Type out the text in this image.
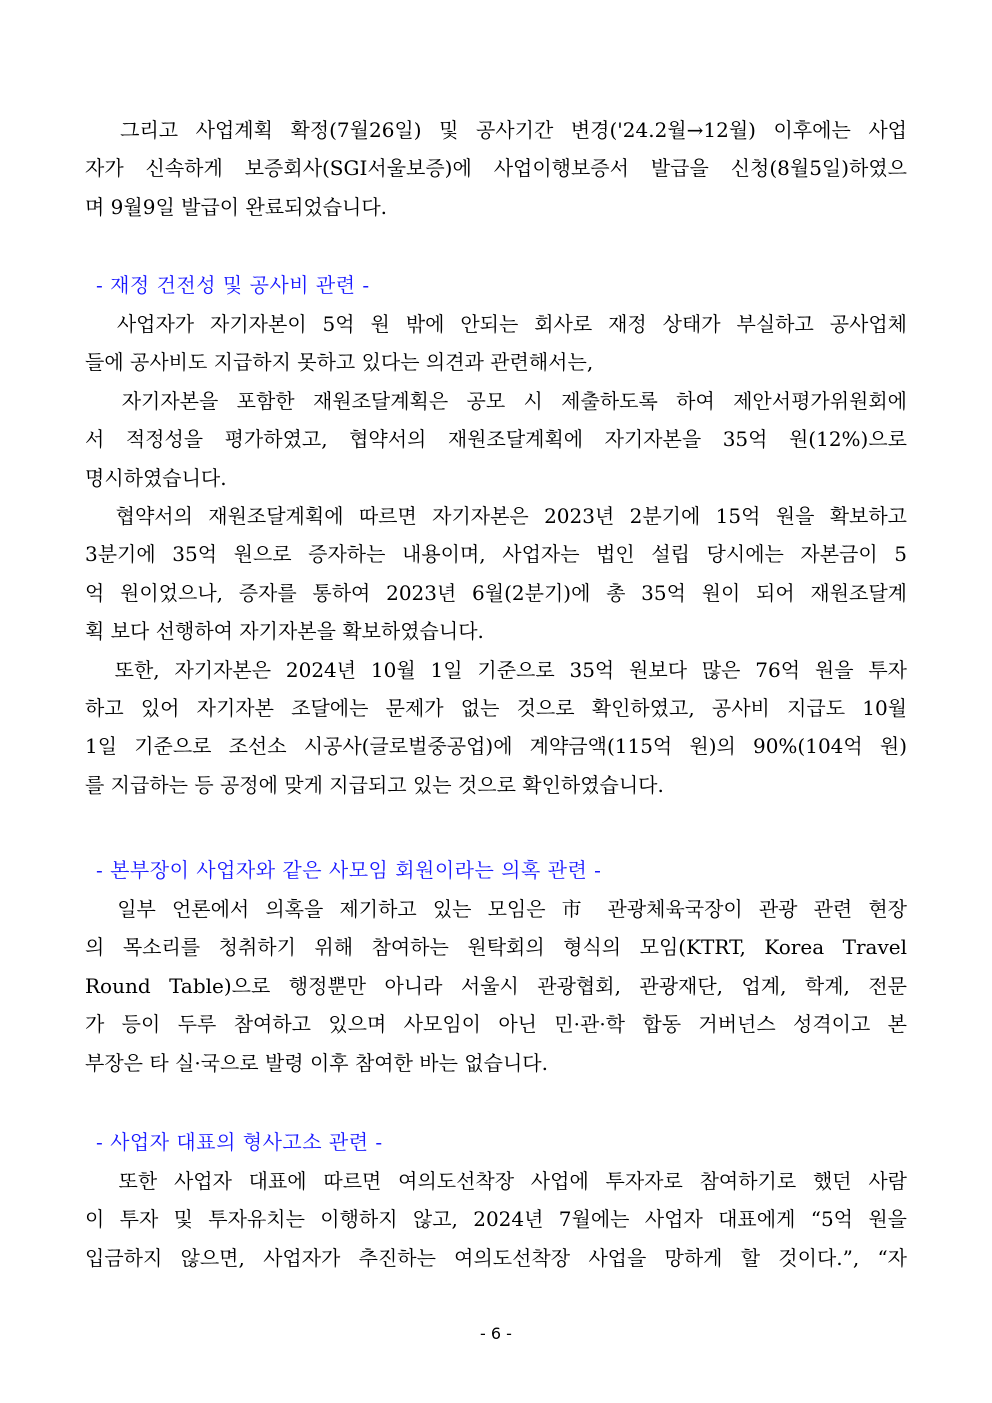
그리고 사업계획 확정(7월26일) 및 공사기간 변경('24.2월→12월) 이후에는 사업
자가 신속하게 보증회사(SGI서울보증)에 사업이행보증서 발급을 신청(8월5일)하였으
며 9월9일 발급이 완료되었습니다.
- 재정 건전성 및 공사비 관련 -
사업자가 자기자본이 5억 원 밖에 안되는 회사로 재정 상태가 부실하고 공사업체
들에 공사비도 지급하지 못하고 있다는 의견과 관련해서는,
자기자본을 포함한 재원조달계획은 공모 시 제출하도록 하여 제안서평가위원회에
서 적정성을 평가하였고, 협약서의 재원조달계획에 자기자본을 35억 원(12%)으로
명시하였습니다.
협약서의 재원조달계획에 따르면 자기자본은 2023년 2분기에 15억 원을 확보하고
3분기에 35억 원으로 증자하는 내용이며, 사업자는 법인 설립 당시에는 자본금이 5
억 원이었으나, 증자를 통하여 2023년 6월(2분기)에 총 35억 원이 되어 재원조달계
획 보다 선행하여 자기자본을 확보하였습니다.
또한, 자기자본은 2024년 10월 1일 기준으로 35억 원보다 많은 76억 원을 투자
하고 있어 자기자본 조달에는 문제가 없는 것으로 확인하였고, 공사비 지급도 10월
1일 기준으로 조선소 시공사(글로벌중공업)에 계약금액(115억 원)의 90%(104억 원)
를 지급하는 등 공정에 맞게 지급되고 있는 것으로 확인하였습니다.
- 본부장이 사업자와 같은 사모임 회원이라는 의혹 관련 -
일부 언론에서 의혹을 제기하고 있는 모임은 市 관광체육국장이 관광 관련 현장
의 목소리를 청취하기 위해 참여하는 원탁회의 형식의 모임(KTRT, Korea Travel
Round Table)으로 행정뿐만 아니라 서울시 관광협회, 관광재단, 업계, 학계, 전문
가 등이 두루 참여하고 있으며 사모임이 아닌 민·관·학 합동 거버넌스 성격이고 본
부장은 타 실·국으로 발령 이후 참여한 바는 없습니다.
- 사업자 대표의 형사고소 관련 -
또한 사업자 대표에 따르면 여의도선착장 사업에 투자자로 참여하기로 했던 사람
이 투자 및 투자유치는 이행하지 않고, 2024년 7월에는 사업자 대표에게 “5억 원을
입금하지 않으면, 사업자가 추진하는 여의도선착장 사업을 망하게 할 것이다.”, “자
- 6 -
